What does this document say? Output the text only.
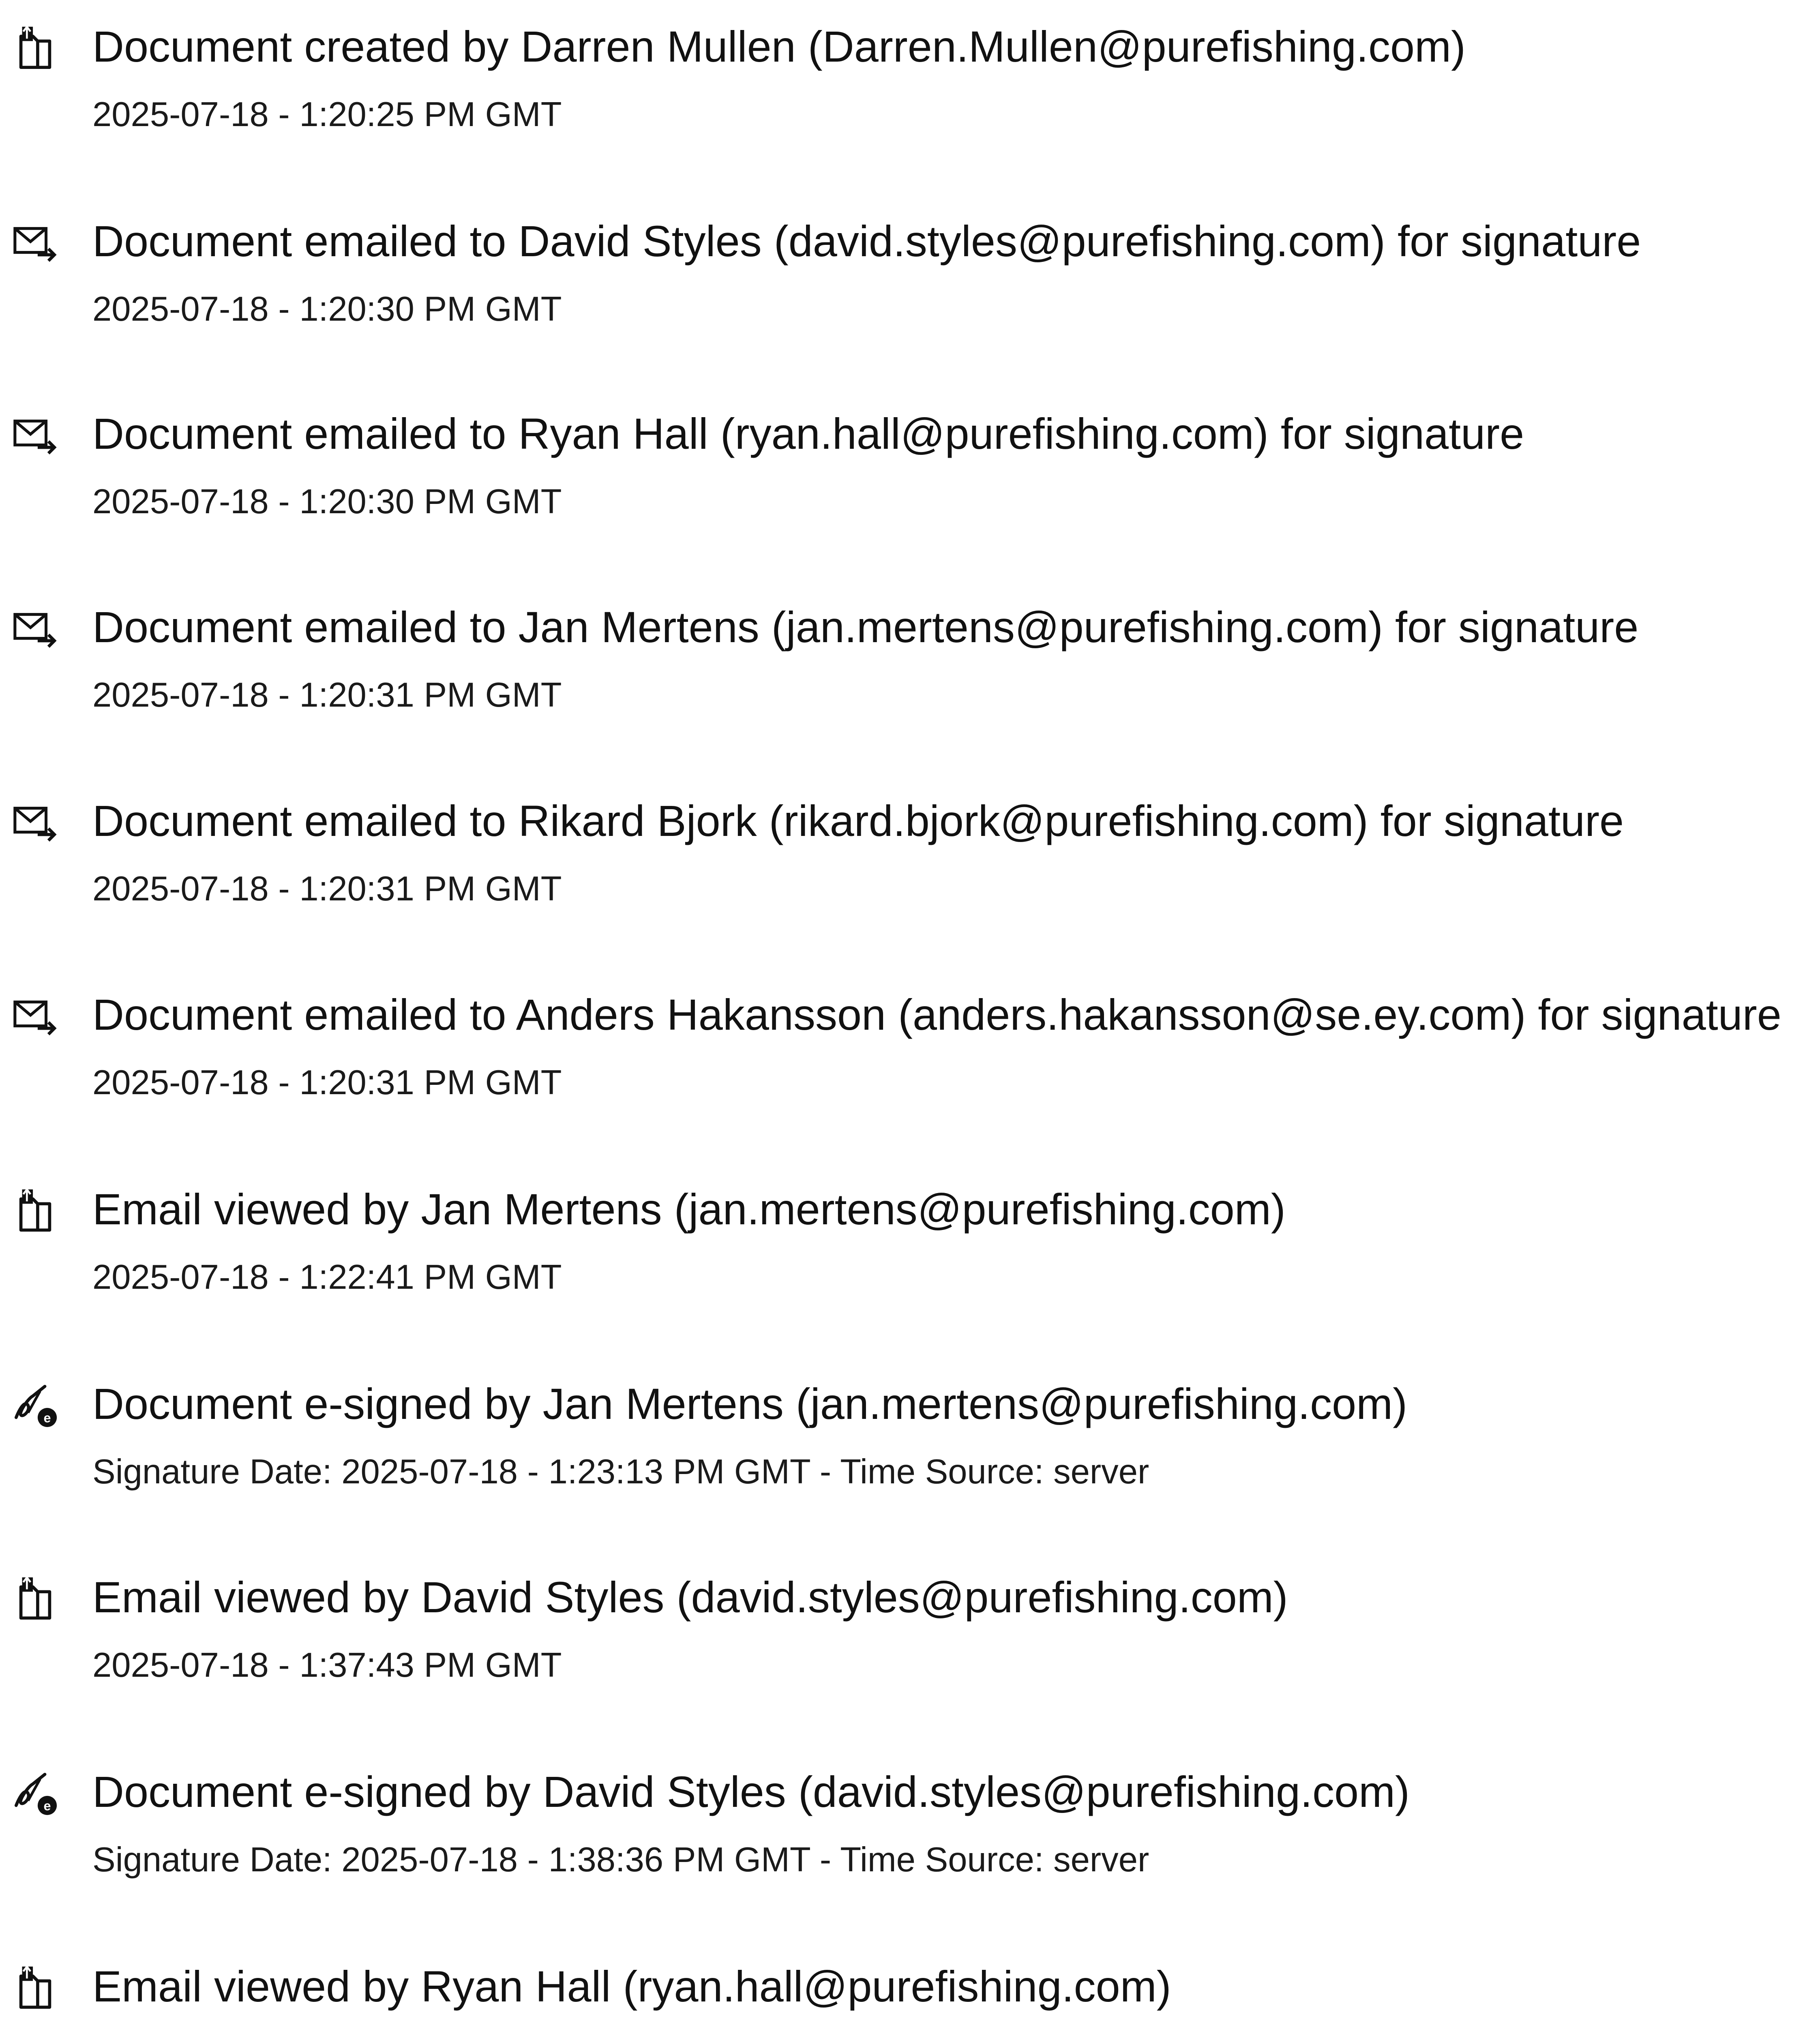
Document created by Darren Mullen (Darren.Mullen@purefishing.com)
2025-07-18 - 1:20:25 PM GMT
Document emailed to David Styles (david.styles@purefishing.com) for signature
2025-07-18 - 1:20:30 PM GMT
Document emailed to Ryan Hall (ryan.hall@purefishing.com) for signature
2025-07-18 - 1:20:30 PM GMT
Document emailed to Jan Mertens (jan.mertens@purefishing.com) for signature
2025-07-18 - 1:20:31 PM GMT
Document emailed to Rikard Bjork (rikard.bjork@purefishing.com) for signature
2025-07-18 - 1:20:31 PM GMT
Document emailed to Anders Hakansson (anders.hakansson@se.ey.com) for signature
2025-07-18 - 1:20:31 PM GMT
Email viewed by Jan Mertens (jan.mertens@purefishing.com)
2025-07-18 - 1:22:41 PM GMT
e Document e-signed by Jan Mertens (jan.mertens@purefishing.com)
Signature Date: 2025-07-18 - 1:23:13 PM GMT - Time Source: server
Email viewed by David Styles (david.styles@purefishing.com)
2025-07-18 - 1:37:43 PM GMT
e Document e-signed by David Styles (david.styles@purefishing.com)
Signature Date: 2025-07-18 - 1:38:36 PM GMT - Time Source: server
Email viewed by Ryan Hall (ryan.hall@purefishing.com)
